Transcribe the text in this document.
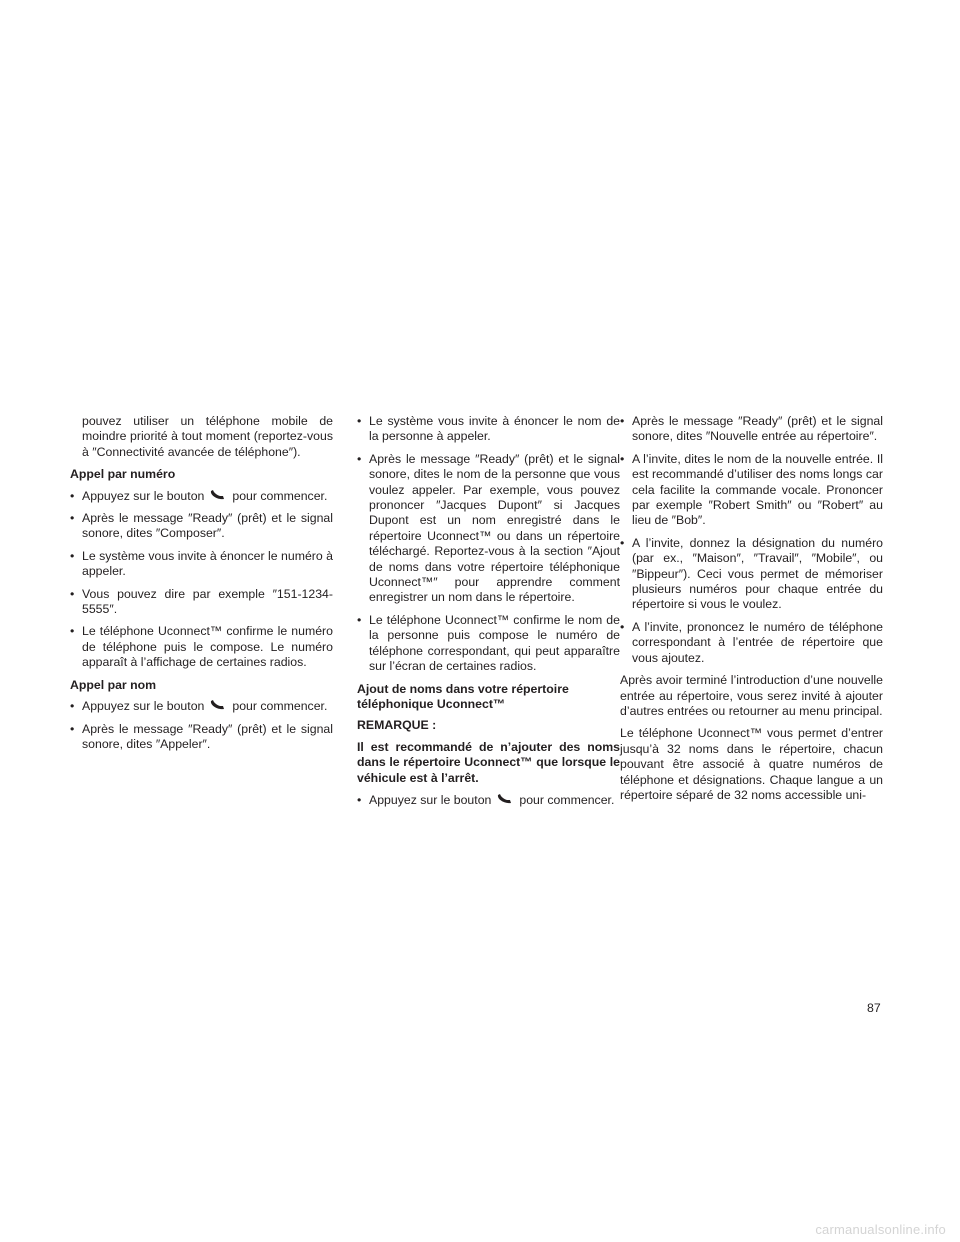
pouvez utiliser un téléphone mobile de moindre priorité à tout moment (reportez-vous à ″Connectivité avancée de téléphone″).

Appel par numéro
• Appuyez sur le bouton pour commencer.
• Après le message ″Ready″ (prêt) et le signal sonore, dites ″Composer″.
• Le système vous invite à énoncer le numéro à appeler.
• Vous pouvez dire par exemple ″151-1234-5555″.
• Le téléphone Uconnect™ confirme le numéro de téléphone puis le compose. Le numéro apparaît à l’affichage de certaines radios.
Appel par nom
• Appuyez sur le bouton pour commencer.
• Après le message ″Ready″ (prêt) et le signal sonore, dites ″Appeler″.
• Le système vous invite à énoncer le nom de la personne à appeler.
• Après le message ″Ready″ (prêt) et le signal sonore, dites le nom de la personne que vous voulez appeler. Par exemple, vous pouvez prononcer ″Jacques Dupont″ si Jacques Dupont est un nom enregistré dans le répertoire Uconnect™ ou dans un répertoire téléchargé. Reportez-vous à la section ″Ajout de noms dans votre répertoire téléphonique Uconnect™″ pour apprendre comment enregistrer un nom dans le répertoire.
• Le téléphone Uconnect™ confirme le nom de la personne puis compose le numéro de téléphone correspondant, qui peut apparaître sur l’écran de certaines radios.
Ajout de noms dans votre répertoire téléphonique Uconnect™
REMARQUE :

Il est recommandé de n’ajouter des noms dans le répertoire Uconnect™ que lorsque le véhicule est à l’arrêt.

• Appuyez sur le bouton pour commencer.
• Après le message ″Ready″ (prêt) et le signal sonore, dites ″Nouvelle entrée au répertoire″.
• A l’invite, dites le nom de la nouvelle entrée. Il est recommandé d’utiliser des noms longs car cela facilite la commande vocale. Prononcer par exemple ″Robert Smith″ ou ″Robert″ au lieu de ″Bob″.
• A l’invite, donnez la désignation du numéro (par ex., ″Maison″, ″Travail″, ″Mobile″, ou ″Bippeur″). Ceci vous permet de mémoriser plusieurs numéros pour chaque entrée du répertoire si vous le voulez.
• A l’invite, prononcez le numéro de téléphone correspondant à l’entrée de répertoire que vous ajoutez.

Après avoir terminé l’introduction d’une nouvelle entrée au répertoire, vous serez invité à ajouter d’autres entrées ou retourner au menu principal.

Le téléphone Uconnect™ vous permet d’entrer jusqu’à 32 noms dans le répertoire, chacun pouvant être associé à quatre numéros de téléphone et désignations. Chaque langue a un répertoire séparé de 32 noms accessible uni-

87
carmanualsonline.info
